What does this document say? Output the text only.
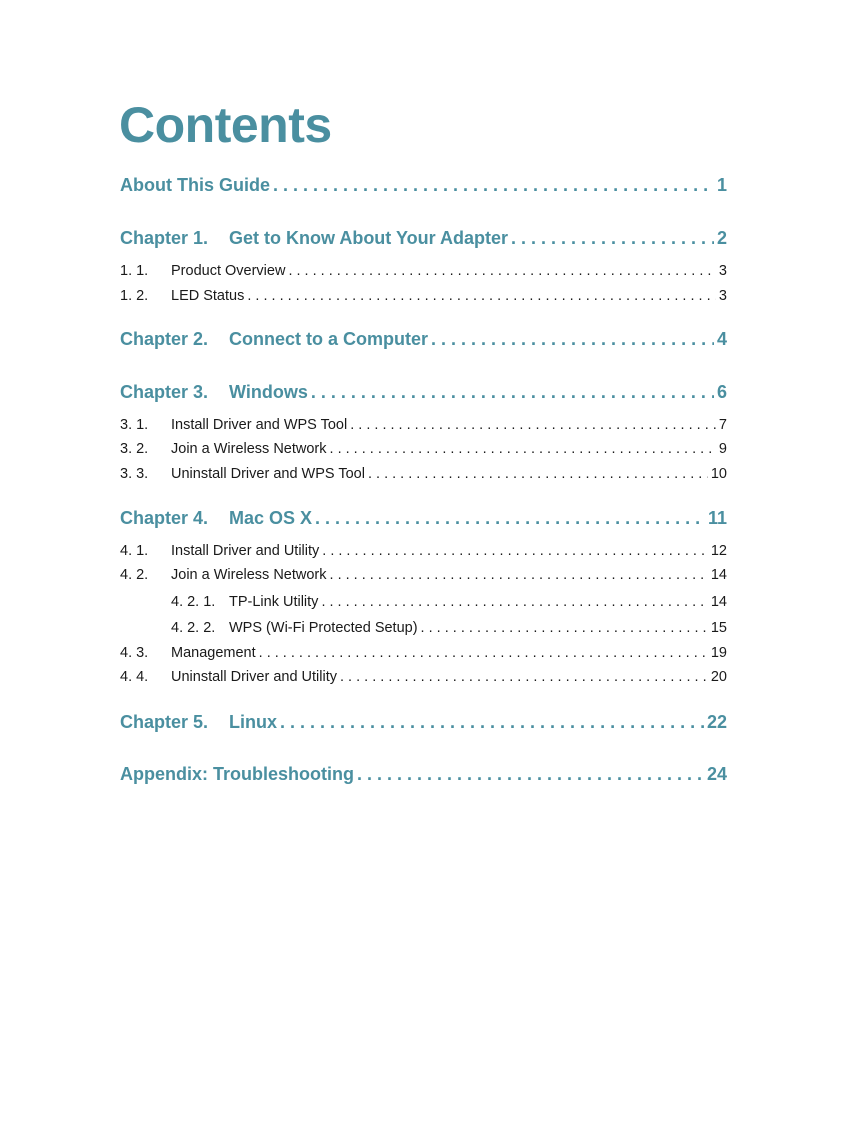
Contents
About This Guide . . .	1
Chapter 1.	Get to Know About Your Adapter . . .	2
1. 1.	Product Overview . . .	3
1. 2.	LED Status . . .	3
Chapter 2.	Connect to a Computer . . .	4
Chapter 3.	Windows . . .	6
3. 1.	Install Driver and WPS Tool . . .	7
3. 2.	Join a Wireless Network . . .	9
3. 3.	Uninstall Driver and WPS Tool . . .	10
Chapter 4.	Mac OS X . . .	11
4. 1.	Install Driver and Utility . . .	12
4. 2.	Join a Wireless Network . . .	14
4. 2. 1. TP-Link Utility . . .	14
4. 2. 2. WPS (Wi-Fi Protected Setup) . . .	15
4. 3.	Management . . .	19
4. 4.	Uninstall Driver and Utility . . .	20
Chapter 5.	Linux . . .	22
Appendix: Troubleshooting . . .	24
